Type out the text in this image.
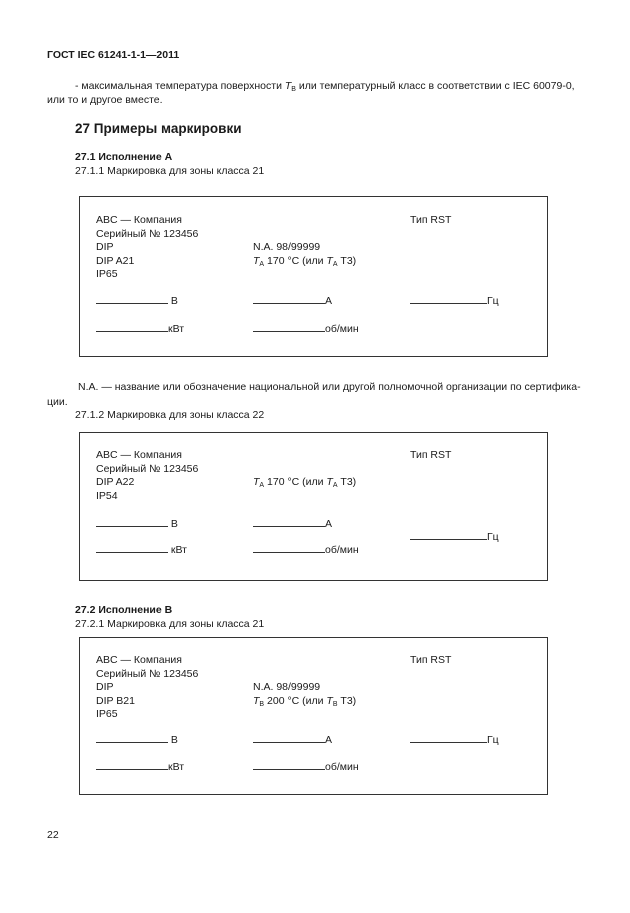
ГОСТ IEC 61241-1-1—2011
- максимальная температура поверхности TB или температурный класс в соответствии с IEC 60079-0,
или то и другое вместе.
27 Примеры маркировки
27.1 Исполнение А
27.1.1 Маркировка для зоны класса 21
ABC — Компания
Серийный № 123456
DIP
DIP A21
IP65
N.A. 98/99999
TA 170 °С (или TA Т3)
Тип RST
В	А	Гц
кВт	об/мин
N.A. — название или обозначение национальной или другой полномочной организации по сертифика-
ции.
27.1.2 Маркировка для зоны класса 22
ABC — Компания
Серийный № 123456
DIP A22
IP54
TA 170 °С (или TA Т3)
Тип RST
В	А
Гц
кВт	об/мин
27.2 Исполнение В
27.2.1 Маркировка для зоны класса 21
ABC — Компания
Серийный № 123456
DIP
DIP B21
IP65
N.A. 98/99999
TB 200 °С (или TB Т3)
Тип RST
В	А	Гц
кВт	об/мин
22
